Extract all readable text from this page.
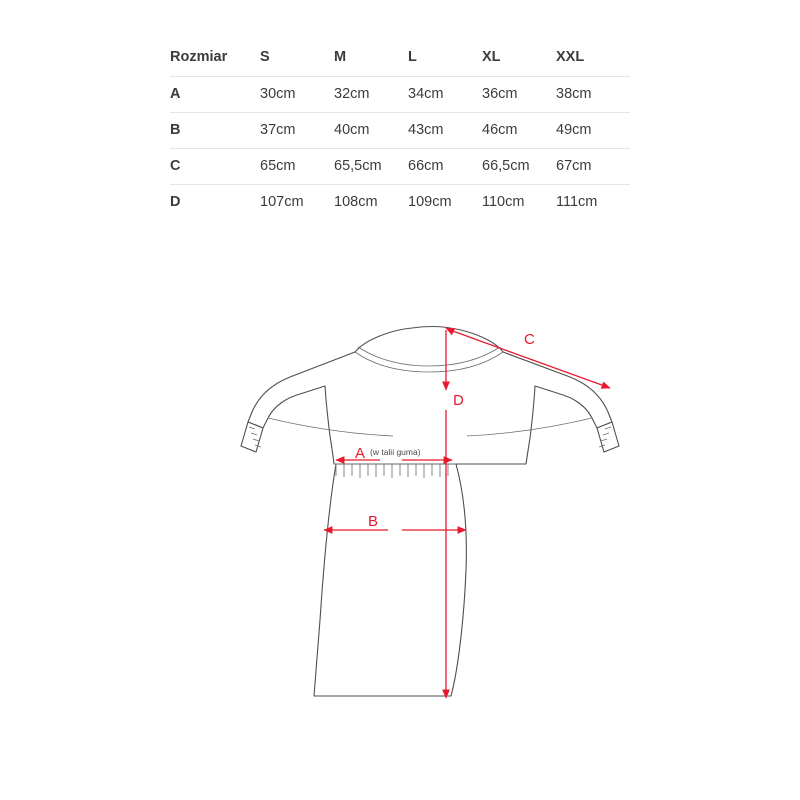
Rozmiar	S	M	L	XL	XXL
A	30cm	32cm	34cm	36cm	38cm
B	37cm	40cm	43cm	46cm	49cm
C	65cm	65,5cm	66cm	66,5cm	67cm
D	107cm	108cm	109cm	110cm	111cm
A (w talii guma)
B
C
D
